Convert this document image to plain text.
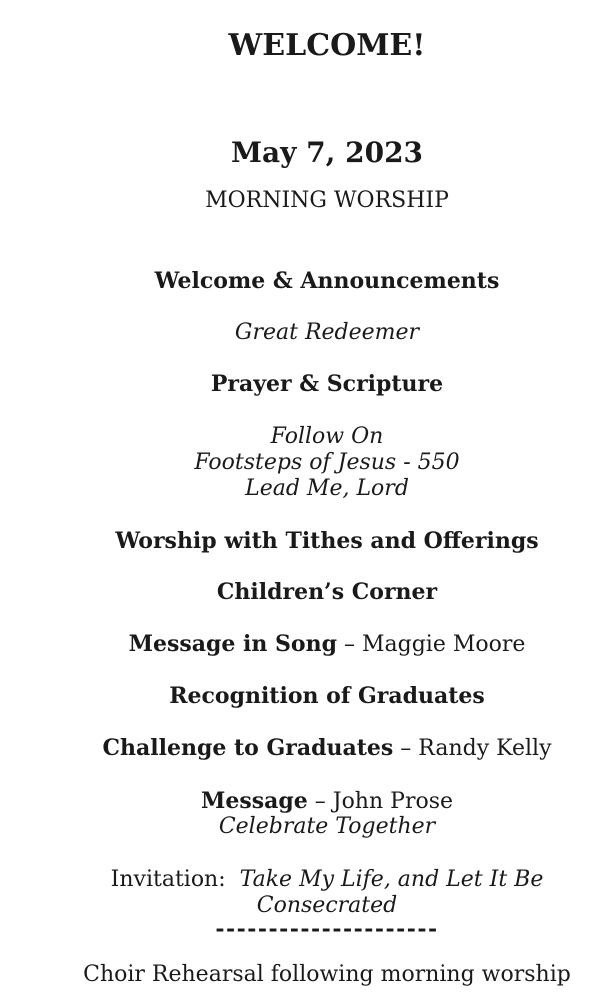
WELCOME!
May 7, 2023
MORNING WORSHIP
Welcome & Announcements
Great Redeemer
Prayer & Scripture
Follow On
Footsteps of Jesus - 550
Lead Me, Lord
Worship with Tithes and Offerings
Children’s Corner
Message in Song – Maggie Moore
Recognition of Graduates
Challenge to Graduates – Randy Kelly
Message – John Prose
Celebrate Together
Invitation: Take My Life, and Let It Be
Consecrated
---------------------
Choir Rehearsal following morning worship
